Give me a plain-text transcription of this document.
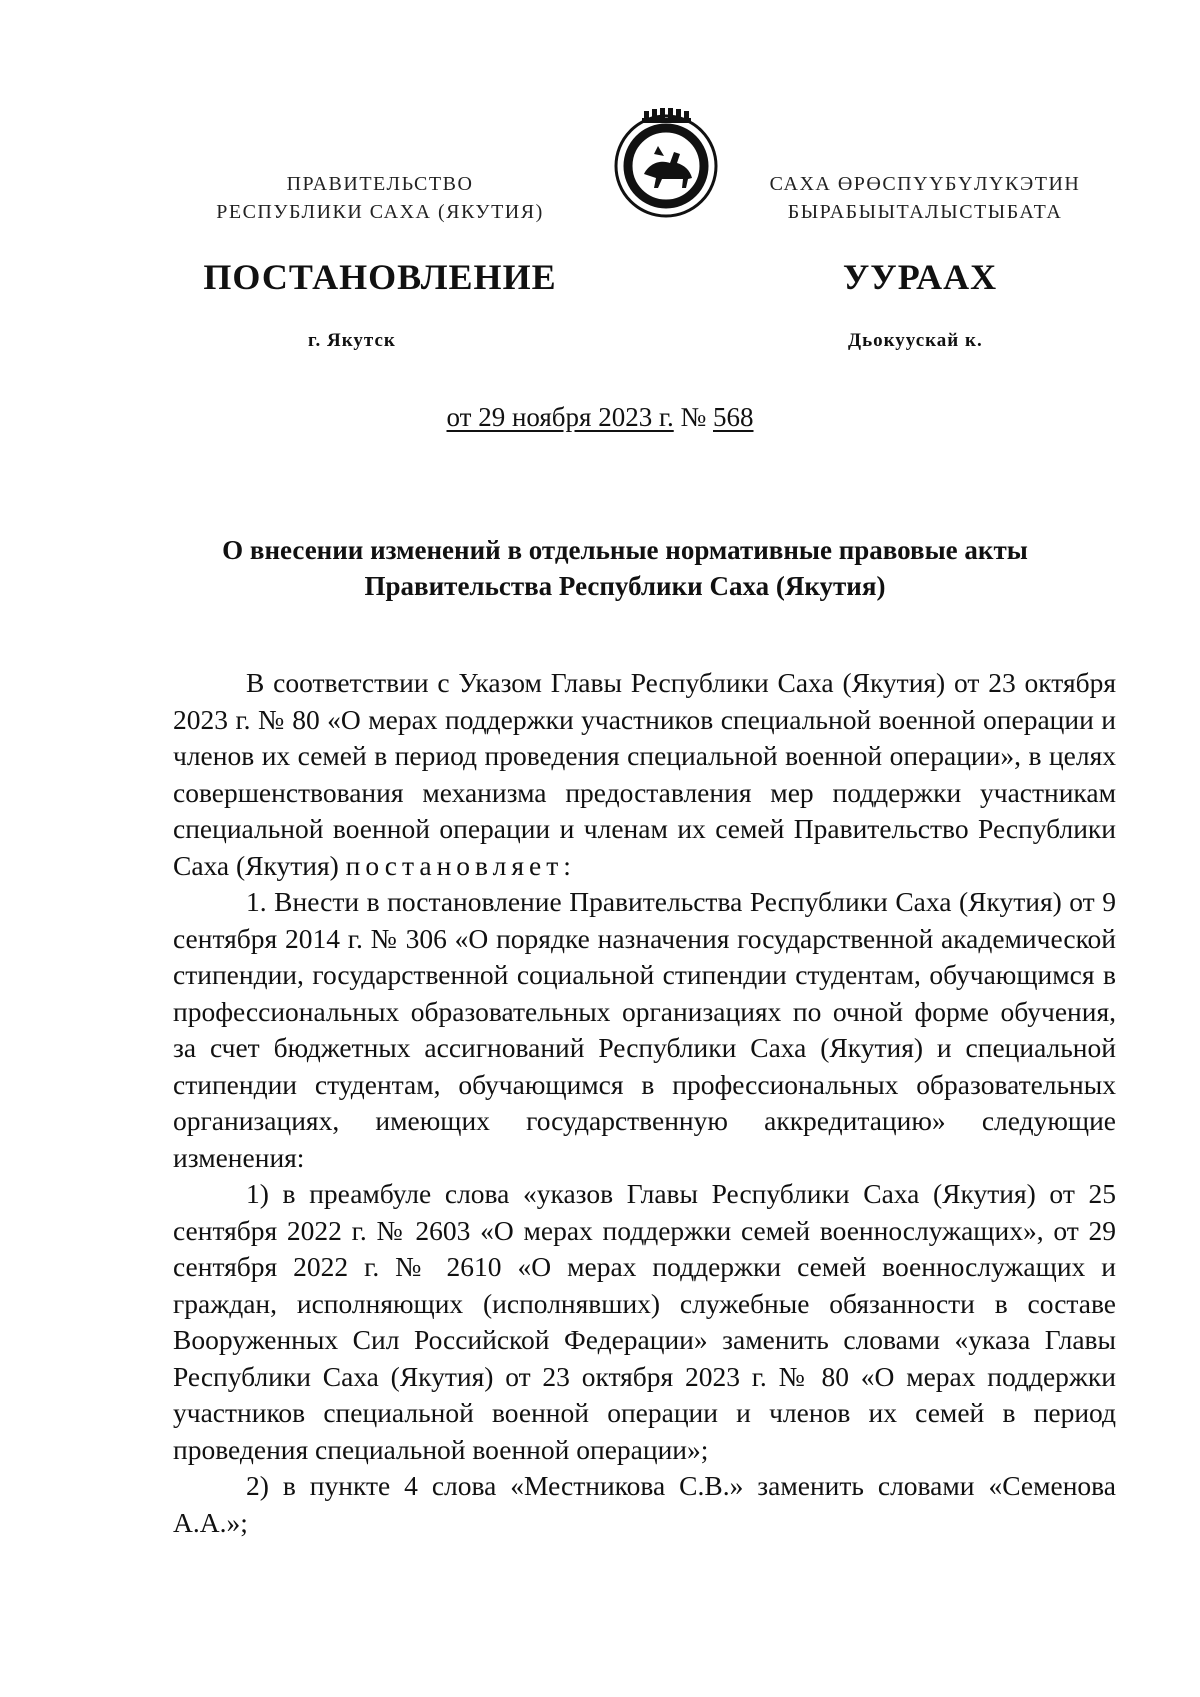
ПРАВИТЕЛЬСТВО
РЕСПУБЛИКИ САХА (ЯКУТИЯ)
САХА ӨРӨСПҮҮБҮЛҮКЭТИН
БЫРАБЫЫТАЛЫСТЫБАТА
ПОСТАНОВЛЕНИЕ	УУРААХ
г. Якутск	Дьокуускай к.
от 29 ноября 2023 г. № 568
О внесении изменений в отдельные нормативные правовые акты
Правительства Республики Саха (Якутия)

В соответствии с Указом Главы Республики Саха (Якутия) от 23 октября 2023 г. № 80 «О мерах поддержки участников специальной военной операции и членов их семей в период проведения специальной военной операции», в целях совершенствования механизма предоставления мер поддержки участникам специальной военной операции и членам их семей Правительство Республики Саха (Якутия) постановляет:

1. Внести в постановление Правительства Республики Саха (Якутия) от 9 сентября 2014 г. № 306 «О порядке назначения государственной академической стипендии, государственной социальной стипендии студентам, обучающимся в профессиональных образовательных организациях по очной форме обучения, за счет бюджетных ассигнований Республики Саха (Якутия) и специальной стипендии студентам, обучающимся в профессиональных образовательных организациях, имеющих государственную аккредитацию» следующие изменения:

1) в преамбуле слова «указов Главы Республики Саха (Якутия) от 25 сентября 2022 г. № 2603 «О мерах поддержки семей военнослужащих», от 29 сентября 2022 г. № 2610 «О мерах поддержки семей военнослужащих и граждан, исполняющих (исполнявших) служебные обязанности в составе Вооруженных Сил Российской Федерации» заменить словами «указа Главы Республики Саха (Якутия) от 23 октября 2023 г. № 80 «О мерах поддержки участников специальной военной операции и членов их семей в период проведения специальной военной операции»;

2) в пункте 4 слова «Местникова С.В.» заменить словами «Семенова А.А.»;
